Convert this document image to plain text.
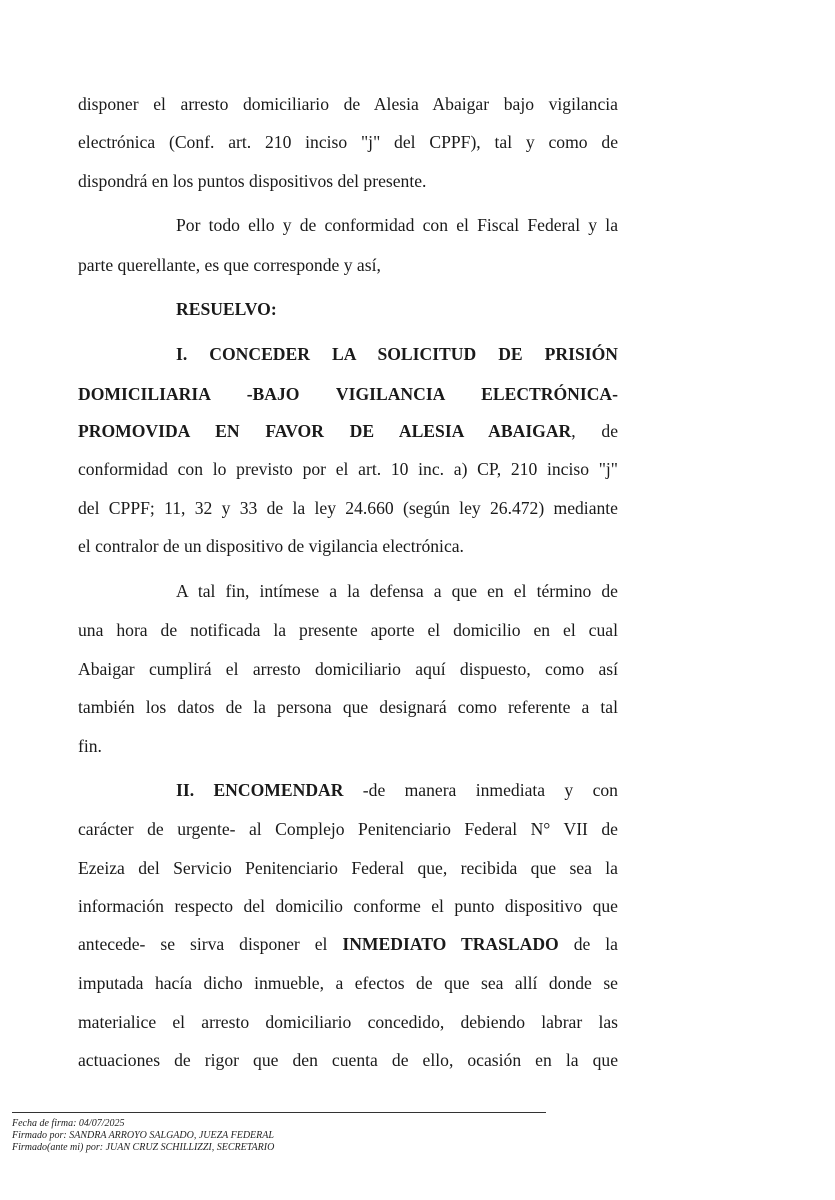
disponer el arresto domiciliario de Alesia Abaigar bajo vigilancia
electrónica (Conf. art. 210 inciso "j" del CPPF), tal y como de
dispondrá en los puntos dispositivos del presente.
Por todo ello y de conformidad con el Fiscal Federal y la
parte querellante, es que corresponde y así,
RESUELVO:
I. CONCEDER LA SOLICITUD DE PRISIÓN
DOMICILIARIA -BAJO VIGILANCIA ELECTRÓNICA-
PROMOVIDA EN FAVOR DE ALESIA ABAIGAR, de
conformidad con lo previsto por el art. 10 inc. a) CP, 210 inciso "j"
del CPPF; 11, 32 y 33 de la ley 24.660 (según ley 26.472) mediante
el contralor de un dispositivo de vigilancia electrónica.
A tal fin, intímese a la defensa a que en el término de
una hora de notificada la presente aporte el domicilio en el cual
Abaigar cumplirá el arresto domiciliario aquí dispuesto, como así
también los datos de la persona que designará como referente a tal
fin.
II. ENCOMENDAR -de manera inmediata y con
carácter de urgente- al Complejo Penitenciario Federal N° VII de
Ezeiza del Servicio Penitenciario Federal que, recibida que sea la
información respecto del domicilio conforme el punto dispositivo que
antecede- se sirva disponer el INMEDIATO TRASLADO de la
imputada hacía dicho inmueble, a efectos de que sea allí donde se
materialice el arresto domiciliario concedido, debiendo labrar las
actuaciones de rigor que den cuenta de ello, ocasión en la que
Fecha de firma: 04/07/2025
Firmado por: SANDRA ARROYO SALGADO, JUEZA FEDERAL
Firmado(ante mi) por: JUAN CRUZ SCHILLIZZI, SECRETARIO
